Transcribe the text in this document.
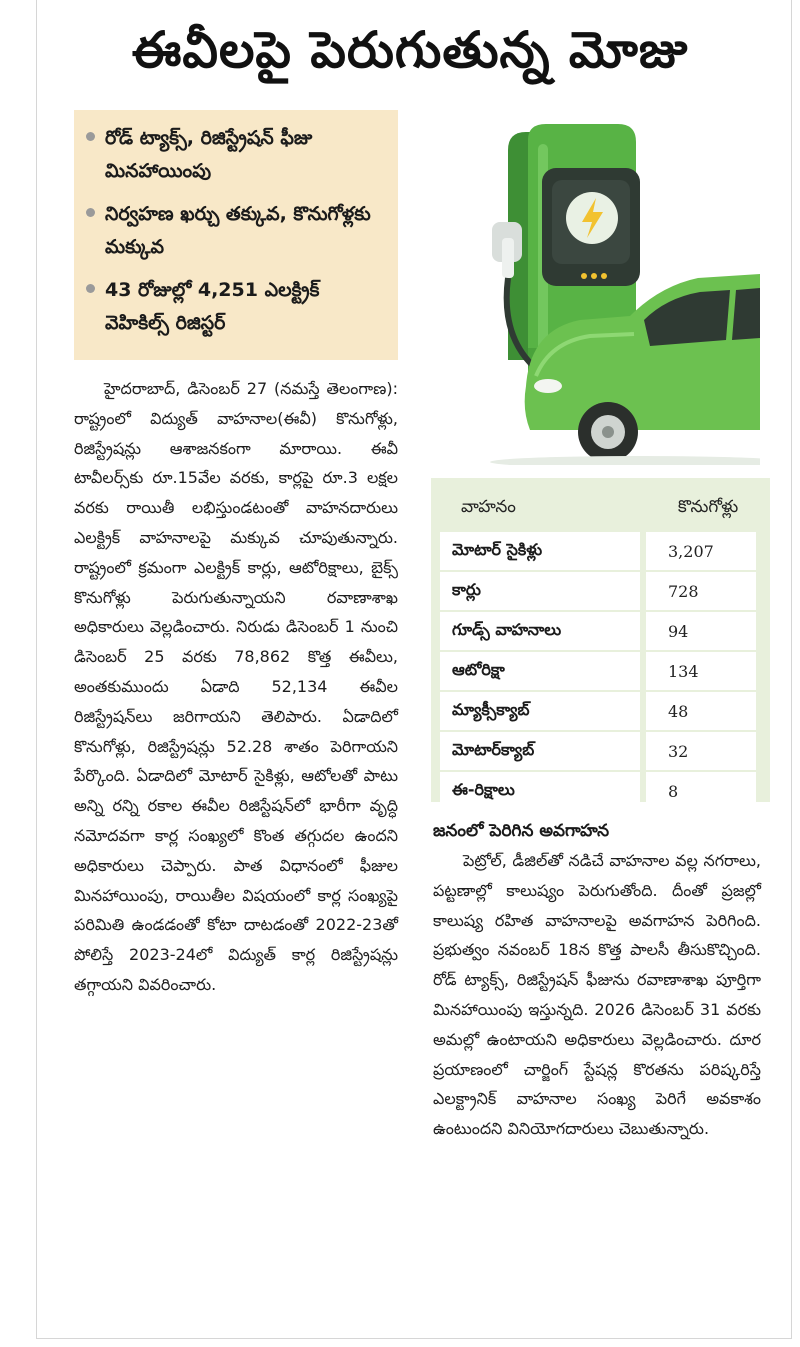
ఈవీలపై పెరుగుతున్న మోజు
రోడ్ ట్యాక్స్, రిజిస్ట్రేషన్ ఫీజు మినహాయింపు
నిర్వహణ ఖర్చు తక్కువ, కొనుగోళ్లకు మక్కువ
43 రోజుల్లో 4,251 ఎలక్ట్రిక్ వెహికిల్స్ రిజిస్టర్
వాహనం	కొనుగోళ్లు
మోటార్ సైకిళ్లు	3,207
కార్లు	728
గూడ్స్ వాహనాలు	94
ఆటోరిక్షా	134
మ్యాక్సీక్యాబ్	48
మోటార్‌క్యాబ్	32
ఈ-రిక్షాలు	8
హైదరాబాద్, డిసెంబర్ 27 (నమస్తే తెలంగాణ): రాష్ట్రంలో విద్యుత్ వాహనాల(ఈవీ) కొనుగోళ్లు, రిజిస్ట్రేషన్లు ఆశాజనకంగా మారాయి. ఈవీ టావీలర్స్‌కు రూ.15వేల వరకు, కార్లపై రూ.3 లక్షల వరకు రాయితీ లభిస్తుండటంతో వాహనదారులు ఎలక్ట్రిక్ వాహనాలపై మక్కువ చూపుతున్నారు. రాష్ట్రంలో క్రమంగా ఎలక్ట్రిక్ కార్లు, ఆటోరిక్షాలు, బైక్స్ కొనుగోళ్లు పెరుగుతున్నాయని రవాణాశాఖ అధికారులు వెల్లడించారు. నిరుడు డిసెంబర్ 1 నుంచి డిసెంబర్ 25 వరకు 78,862 కొత్త ఈవీలు, అంతకుముందు ఏడాది 52,134 ఈవీల రిజిస్ట్రేషన్‌లు జరిగాయని తెలిపారు. ఏడాదిలో కొనుగోళ్లు, రిజిస్ట్రేషన్లు 52.28 శాతం పెరిగాయని పేర్కొంది. ఏడాదిలో మోటార్ సైకిళ్లు, ఆటోలతో పాటు అన్ని రన్ని రకాల ఈవీల రిజిస్టేషన్‌లో భారీగా వృద్ధి నమోదవగా కార్ల సంఖ్యలో కొంత తగ్గుదల ఉందని అధికారులు చెప్పారు. పాత విధానంలో ఫీజుల మినహాయింపు, రాయితీల విషయంలో కార్ల సంఖ్యపై పరిమితి ఉండడంతో కోటా దాటడంతో 2022-23తో పోలిస్తే 2023-24లో విద్యుత్ కార్ల రిజిస్ట్రేషన్లు తగ్గాయని వివరించారు.
జనంలో పెరిగిన అవగాహన
పెట్రోల్, డీజిల్‌తో నడిచే వాహనాల వల్ల నగరాలు, పట్టణాల్లో కాలుష్యం పెరుగుతోంది. దీంతో ప్రజల్లో కాలుష్య రహిత వాహనాలపై అవగాహన పెరిగింది. ప్రభుత్వం నవంబర్ 18న కొత్త పాలసీ తీసుకొచ్చింది. రోడ్ ట్యాక్స్, రిజిస్ట్రేషన్ ఫీజును రవాణాశాఖ పూర్తిగా మినహాయింపు ఇస్తున్నది. 2026 డిసెంబర్ 31 వరకు అమల్లో ఉంటాయని అధికారులు వెల్లడించారు. దూర ప్రయాణంలో చార్జింగ్ స్టేషన్ల కొరతను పరిష్కరిస్తే ఎలక్ట్రానిక్ వాహనాల సంఖ్య పెరిగే అవకాశం ఉంటుందని వినియోగదారులు చెబుతున్నారు.
